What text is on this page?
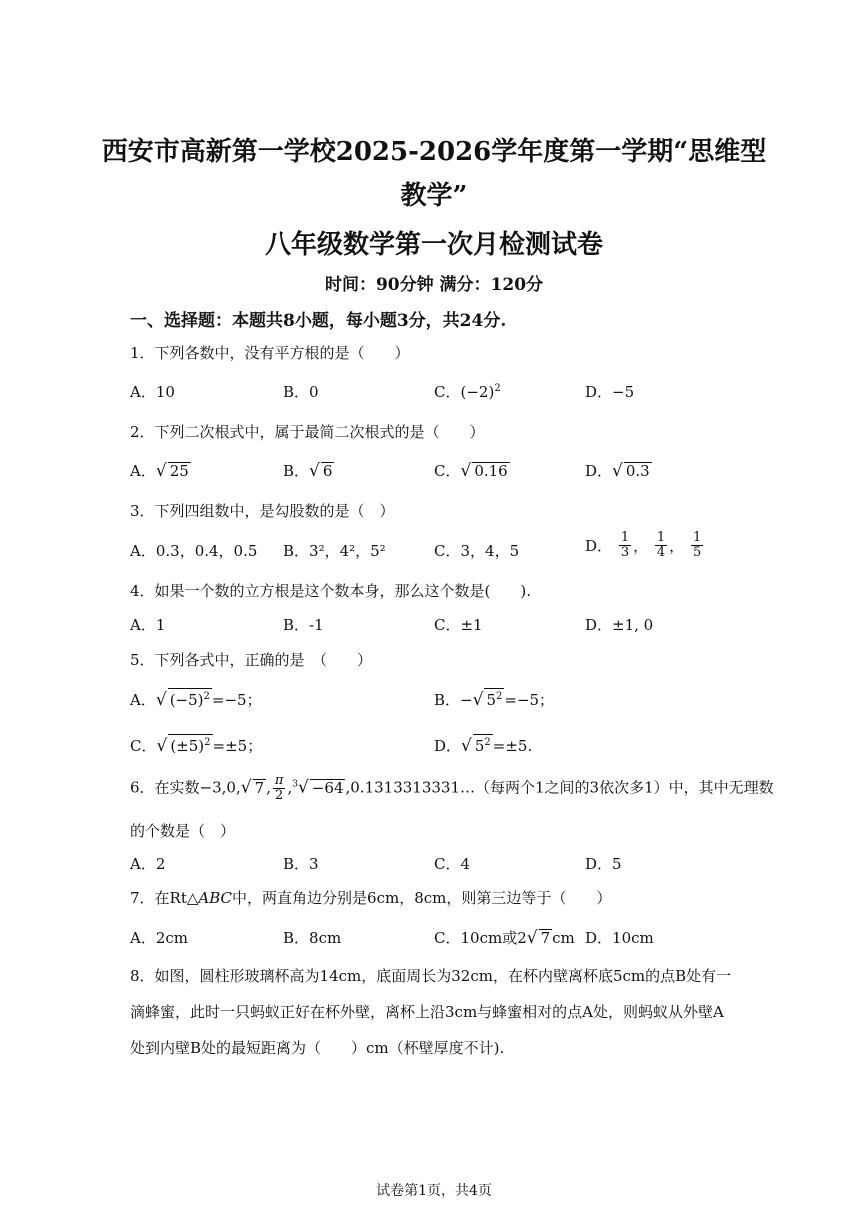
西安市高新第一学校2025-2026学年度第一学期“思维型教学”
八年级数学第一次月检测试卷
时间：90分钟 满分：120分
一、选择题：本题共8小题，每小题3分，共24分.
1．下列各数中，没有平方根的是（　　）
A．10	B．0	C．$(-2)^2$	D．−5
2．下列二次根式中，属于最简二次根式的是（　　）
A．√ 25	B．√ 6	C．√ 0.16	D．√ 0.3
3．下列四组数中，是勾股数的是（　）
A．0.3，0.4，0.5 B．3²，4²，5²	C．3，4，5	D． $\frac{1}{3}$ ， $\frac{1}{4}$ ， $\frac{1}{5}$
4．如果一个数的立方根是这个数本身，那么这个数是(　　).
A．1	B．-1	C．±1	D．±1, 0
5．下列各式中，正确的是　（　　）
A．√ $(-5)^2 =-5$；	B．−√ $5^2 =-5$；
C．√ $(\pm 5)^2 =\pm 5$；	D．√ $5^2 =\pm 5$.
6．在实数−3,0,√ 7 , $\frac{\pi}{2} ,^3√ -64$ ,0.1313313331…（每两个1之间的3依次多1）中，其中无理数
的个数是（　）
A．2	B．3	C．4	D．5
7．在Rt△ABC中，两直角边分别是6cm，8cm，则第三边等于（　　）
A．2cm	B．8cm	C．10cm或2√ 7 cm D．10cm
8．如图，圆柱形玻璃杯高为14cm，底面周长为32cm，在杯内壁离杯底5cm的点B处有一滴蜂蜜，此时一只蚂蚁正好在杯外壁，离杯上沿3cm与蜂蜜相对的点A处，则蚂蚁从外壁A处到内壁B处的最短距离为（　　）cm（杯壁厚度不计).
试卷第1页，共4页
